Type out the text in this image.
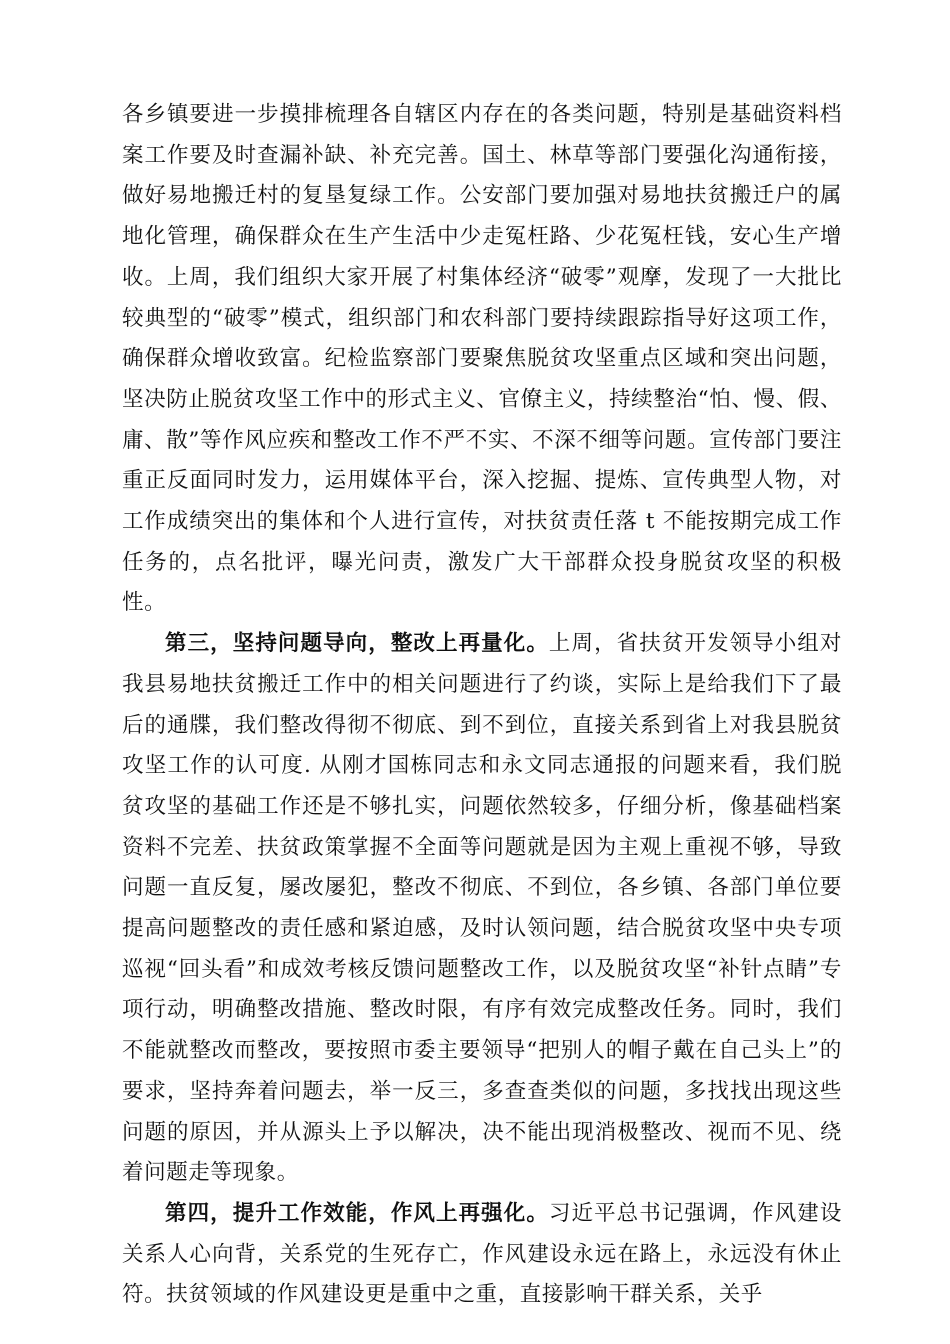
各乡镇要进一步摸排梳理各自辖区内存在的各类问题，特别是基础资料档案工作要及时查漏补缺、补充完善。国土、林草等部门要强化沟通衔接，做好易地搬迁村的复垦复绿工作。公安部门要加强对易地扶贫搬迁户的属地化管理，确保群众在生产生活中少走冤枉路、少花冤枉钱，安心生产增收。上周，我们组织大家开展了村集体经济“破零”观摩，发现了一大批比较典型的“破零”模式，组织部门和农科部门要持续跟踪指导好这项工作，确保群众增收致富。纪检监察部门要聚焦脱贫攻坚重点区域和突出问题，坚决防止脱贫攻坚工作中的形式主义、官僚主义，持续整治“怕、慢、假、庸、散”等作风应疾和整改工作不严不实、不深不细等问题。宣传部门要注重正反面同时发力，运用媒体平台，深入挖掘、提炼、宣传典型人物，对工作成绩突出的集体和个人进行宣传，对扶贫责任落 t 不能按期完成工作任务的，点名批评，曝光问责，激发广大干部群众投身脱贫攻坚的积极性。

第三，坚持问题导向，整改上再量化。上周，省扶贫开发领导小组对我县易地扶贫搬迁工作中的相关问题进行了约谈，实际上是给我们下了最后的通牒，我们整改得彻不彻底、到不到位，直接关系到省上对我县脱贫攻坚工作的认可度. 从刚才国栋同志和永文同志通报的问题来看，我们脱贫攻坚的基础工作还是不够扎实，问题依然较多，仔细分析，像基础档案资料不完差、扶贫政策掌握不全面等问题就是因为主观上重视不够，导致问题一直反复，屡改屡犯，整改不彻底、不到位，各乡镇、各部门单位要提高问题整改的责任感和紧迫感，及时认领问题，结合脱贫攻坚中央专项巡视“回头看”和成效考核反馈问题整改工作，以及脱贫攻坚“补针点睛”专项行动，明确整改措施、整改时限，有序有效完成整改任务。同时，我们不能就整改而整改，要按照市委主要领导“把别人的帽子戴在自己头上”的要求，坚持奔着问题去，举一反三，多查查类似的问题，多找找出现这些问题的原因，并从源头上予以解决，决不能出现消极整改、视而不见、绕着问题走等现象。

第四，提升工作效能，作风上再强化。习近平总书记强调，作风建设关系人心向背，关系党的生死存亡，作风建设永远在路上，永远没有休止符。扶贫领域的作风建设更是重中之重，直接影响干群关系，关乎
